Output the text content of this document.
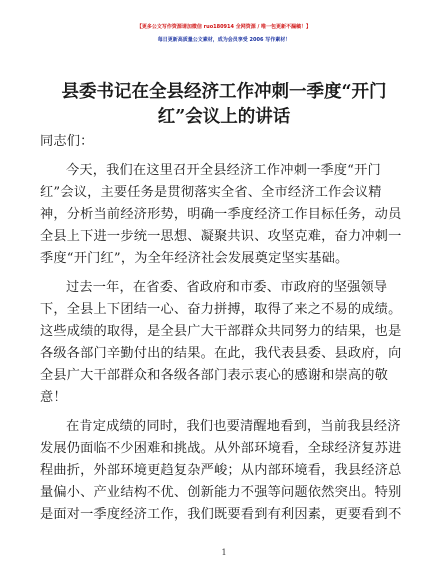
【更多公文写作资源请加微信 ruo180914 全网资源 / 唯一包更新不漏稿！】
每日更新高质量公文素材，成为会员享受 2006 写作素材！
县委书记在全县经济工作冲刺一季度“开门
红”会议上的讲话
同志们：
今天，我们在这里召开全县经济工作冲刺一季度“开门
红”会议，主要任务是贯彻落实全省、全市经济工作会议精
神，分析当前经济形势，明确一季度经济工作目标任务，动员
全县上下进一步统一思想、凝聚共识、攻坚克难，奋力冲刺一
季度“开门红”，为全年经济社会发展奠定坚实基础。
过去一年，在省委、省政府和市委、市政府的坚强领导
下，全县上下团结一心、奋力拼搏，取得了来之不易的成绩。
这些成绩的取得，是全县广大干部群众共同努力的结果，也是
各级各部门辛勤付出的结果。在此，我代表县委、县政府，向
全县广大干部群众和各级各部门表示衷心的感谢和崇高的敬
意！
在肯定成绩的同时，我们也要清醒地看到，当前我县经济
发展仍面临不少困难和挑战。从外部环境看，全球经济复苏进
程曲折，外部环境更趋复杂严峻；从内部环境看，我县经济总
量偏小、产业结构不优、创新能力不强等问题依然突出。特别
是面对一季度经济工作，我们既要看到有利因素，更要看到不
1
